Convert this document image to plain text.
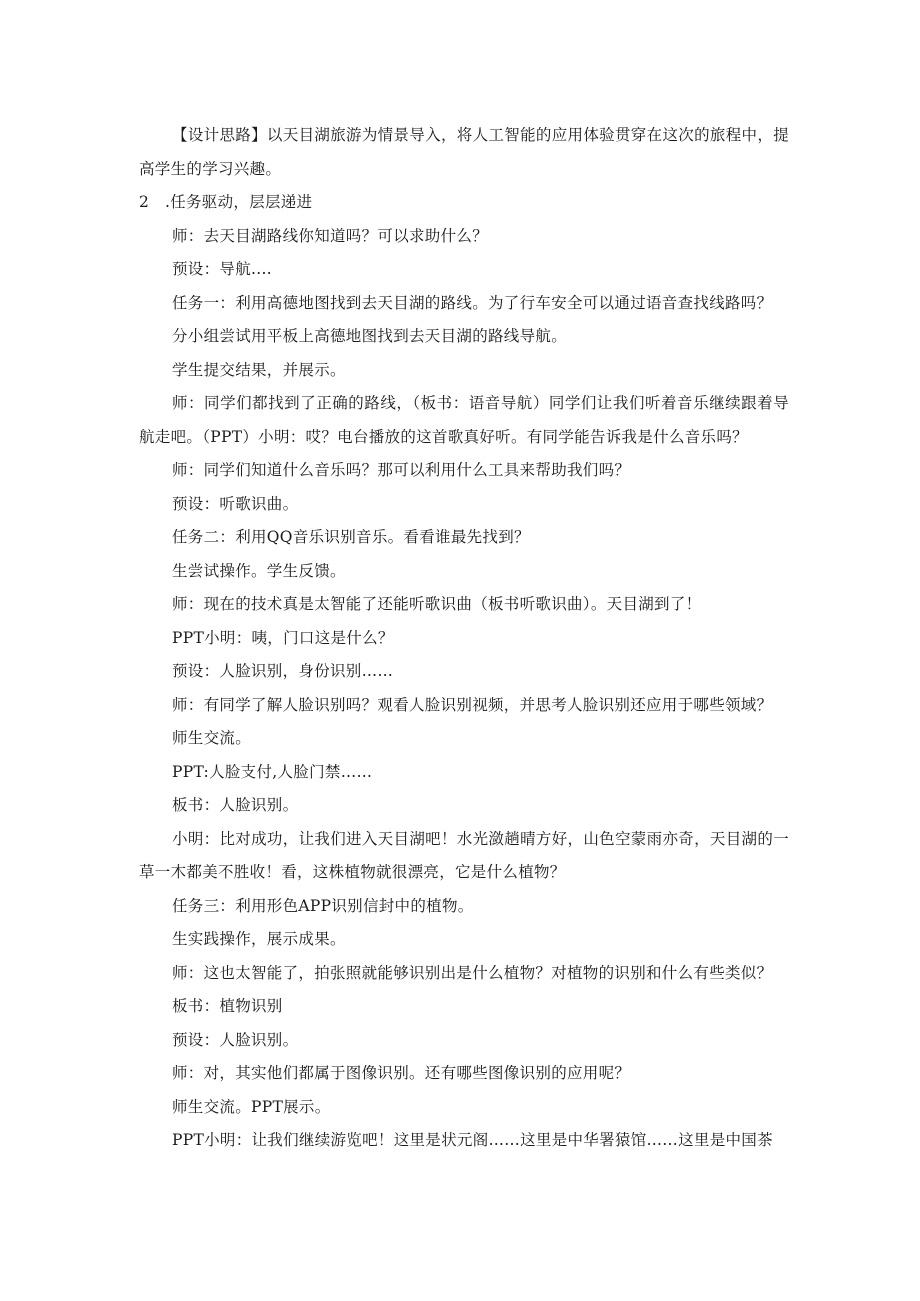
【设计思路】以天目湖旅游为情景导入，将人工智能的应用体验贯穿在这次的旅程中，提高学生的学习兴趣。

2　.任务驱动，层层递进

师：去天目湖路线你知道吗？可以求助什么？

预设：导航....

任务一：利用高德地图找到去天目湖的路线。为了行车安全可以通过语音查找线路吗？

分小组尝试用平板上高德地图找到去天目湖的路线导航。

学生提交结果，并展示。

师：同学们都找到了正确的路线，（板书：语音导航）同学们让我们听着音乐继续跟着导航走吧。（PPT）小明：哎？电台播放的这首歌真好听。有同学能告诉我是什么音乐吗？

师：同学们知道什么音乐吗？那可以利用什么工具来帮助我们吗？

预设：听歌识曲。

任务二：利用QQ音乐识别音乐。看看谁最先找到？

生尝试操作。学生反馈。

师：现在的技术真是太智能了还能听歌识曲（板书听歌识曲）。天目湖到了！

PPT小明：咦，门口这是什么？

预设：人脸识别，身份识别……

师：有同学了解人脸识别吗？观看人脸识别视频，并思考人脸识别还应用于哪些领域？

师生交流。

PPT:人脸支付,人脸门禁……

板书：人脸识别。

小明：比对成功，让我们进入天目湖吧！水光潋趟晴方好，山色空蒙雨亦奇，天目湖的一草一木都美不胜收！看，这株植物就很漂亮，它是什么植物？

任务三：利用形色APP识别信封中的植物。

生实践操作，展示成果。

师：这也太智能了，拍张照就能够识别出是什么植物？对植物的识别和什么有些类似？

板书：植物识别

预设：人脸识别。

师：对，其实他们都属于图像识别。还有哪些图像识别的应用呢？

师生交流。PPT展示。

PPT小明：让我们继续游览吧！这里是状元阁……这里是中华署猿馆……这里是中国茶
